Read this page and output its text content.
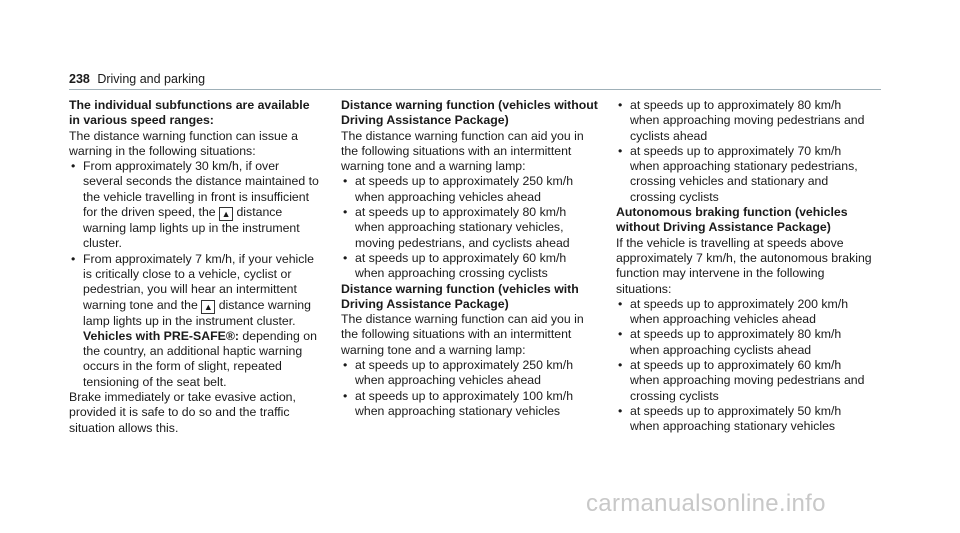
238 Driving and parking

The individual subfunctions are available in various speed ranges:

The distance warning function can issue a warning in the following situations:

• From approximately 30 km/h, if over several seconds the distance maintained to the vehicle travelling in front is insufficient for the driven speed, the ▲ distance warning lamp lights up in the instrument cluster.
• From approximately 7 km/h, if your vehicle is critically close to a vehicle, cyclist or pedestrian, you will hear an intermittent warning tone and the ▲ distance warning lamp lights up in the instrument cluster.

Vehicles with PRE-SAFE®: depending on the country, an additional haptic warning occurs in the form of slight, repeated tensioning of the seat belt.

Brake immediately or take evasive action, provided it is safe to do so and the traffic situation allows this.

Distance warning function (vehicles without Driving Assistance Package)

The distance warning function can aid you in the following situations with an intermittent warning tone and a warning lamp:

• at speeds up to approximately 250 km/h when approaching vehicles ahead
• at speeds up to approximately 80 km/h when approaching stationary vehicles, moving pedestrians, and cyclists ahead
• at speeds up to approximately 60 km/h when approaching crossing cyclists

Distance warning function (vehicles with Driving Assistance Package)

The distance warning function can aid you in the following situations with an intermittent warning tone and a warning lamp:

• at speeds up to approximately 250 km/h when approaching vehicles ahead
• at speeds up to approximately 100 km/h when approaching stationary vehicles
• at speeds up to approximately 80 km/h when approaching moving pedestrians and cyclists ahead
• at speeds up to approximately 70 km/h when approaching stationary pedestrians, crossing vehicles and stationary and crossing cyclists

Autonomous braking function (vehicles without Driving Assistance Package)

If the vehicle is travelling at speeds above approximately 7 km/h, the autonomous braking function may intervene in the following situations:

• at speeds up to approximately 200 km/h when approaching vehicles ahead
• at speeds up to approximately 80 km/h when approaching cyclists ahead
• at speeds up to approximately 60 km/h when approaching moving pedestrians and crossing cyclists
• at speeds up to approximately 50 km/h when approaching stationary vehicles
carmanualsonline.info
